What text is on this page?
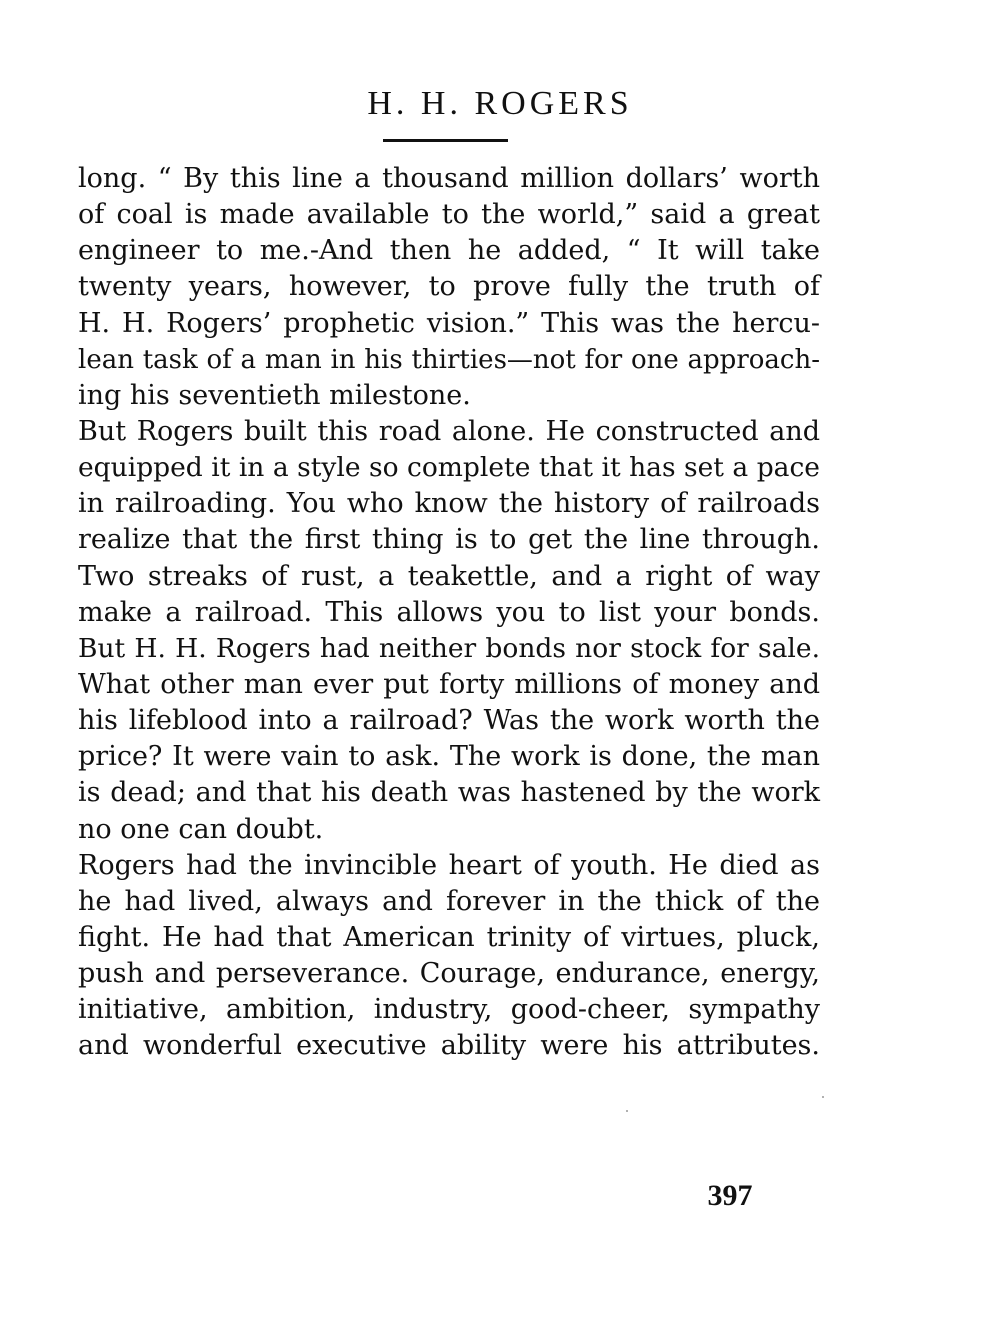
H. H. ROGERS
long. “ By this line a thousand million dollars’ worth
of coal is made available to the world,” said a great
engineer to me.-And then he added, “ It will take
twenty years, however, to prove fully the truth of
H. H. Rogers’ prophetic vision.” This was the hercu-
lean task of a man in his thirties—not for one approach-
ing his seventieth milestone.
But Rogers built this road alone. He constructed and
equipped it in a style so complete that it has set a pace
in railroading. You who know the history of railroads
realize that the first thing is to get the line through.
Two streaks of rust, a teakettle, and a right of way
make a railroad. This allows you to list your bonds.
But H. H. Rogers had neither bonds nor stock for sale.
What other man ever put forty millions of money and
his lifeblood into a railroad? Was the work worth the
price? It were vain to ask. The work is done, the man
is dead; and that his death was hastened by the work
no one can doubt.
Rogers had the invincible heart of youth. He died as
he had lived, always and forever in the thick of the
fight. He had that American trinity of virtues, pluck,
push and perseverance. Courage, endurance, energy,
initiative, ambition, industry, good-cheer, sympathy
and wonderful executive ability were his attributes.
397
